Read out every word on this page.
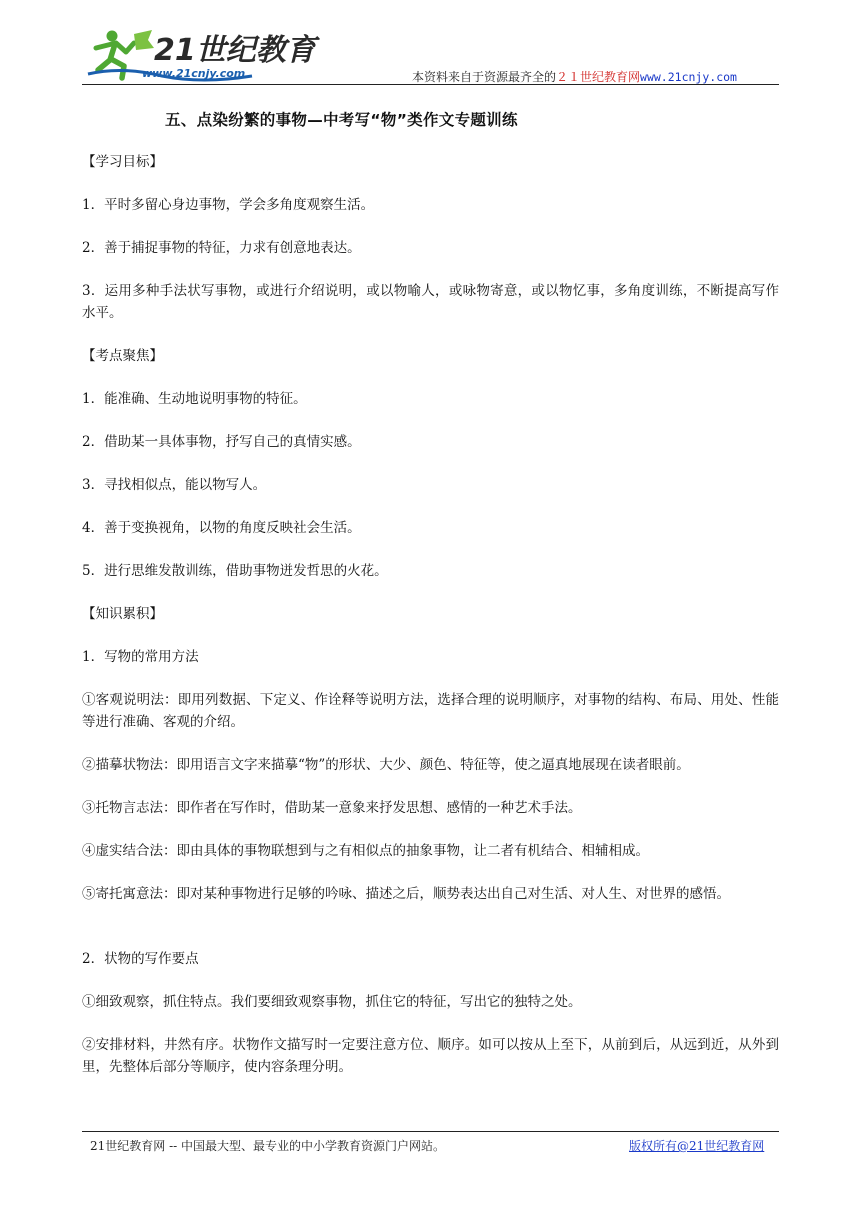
21世纪教育
www.21cnjy.com	本资料来自于资源最齐全的２１世纪教育网www.21cnjy.com
五、点染纷繁的事物—中考写“物”类作文专题训练

【学习目标】

1．平时多留心身边事物，学会多角度观察生活。

2．善于捕捉事物的特征，力求有创意地表达。

3．运用多种手法状写事物，或进行介绍说明，或以物喻人，或咏物寄意，或以物忆事，多角度训练，不断提高写作水平。

【考点聚焦】

1．能准确、生动地说明事物的特征。

2．借助某一具体事物，抒写自己的真情实感。

3．寻找相似点，能以物写人。

4．善于变换视角，以物的角度反映社会生活。

5．进行思维发散训练，借助事物迸发哲思的火花。

【知识累积】

1．写物的常用方法

①客观说明法：即用列数据、下定义、作诠释等说明方法，选择合理的说明顺序，对事物的结构、布局、用处、性能等进行准确、客观的介绍。

②描摹状物法：即用语言文字来描摹“物”的形状、大少、颜色、特征等，使之逼真地展现在读者眼前。

③托物言志法：即作者在写作时，借助某一意象来抒发思想、感情的一种艺术手法。

④虚实结合法：即由具体的事物联想到与之有相似点的抽象事物，让二者有机结合、相辅相成。

⑤寄托寓意法：即对某种事物进行足够的吟咏、描述之后，顺势表达出自己对生活、对人生、对世界的感悟。

2．状物的写作要点

①细致观察，抓住特点。我们要细致观察事物，抓住它的特征，写出它的独特之处。

②安排材料，井然有序。状物作文描写时一定要注意方位、顺序。如可以按从上至下，从前到后，从远到近，从外到里，先整体后部分等顺序，使内容条理分明。

21世纪教育网 -- 中国最大型、最专业的中小学教育资源门户网站。	版权所有@21世纪教育网
